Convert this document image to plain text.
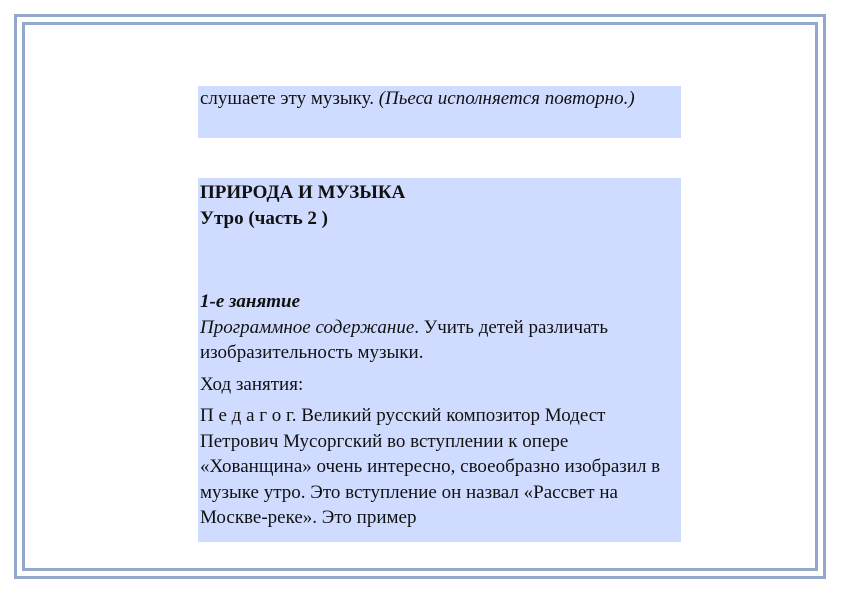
слушаете эту музыку. (Пьеса исполняется повторно.)
ПРИРОДА И МУЗЫКА
Утро (часть 2 )
1-е занятие
Программное содержание. Учить детей различать изобразительность музыки.
Ход занятия:
П е д а г о г. Великий русский композитор Модест Петрович Мусоргский во вступлении к опере «Хованщина» очень интересно, своеобразно изобразил в музыке утро. Это вступление он назвал «Рассвет на Москве-реке». Это пример
